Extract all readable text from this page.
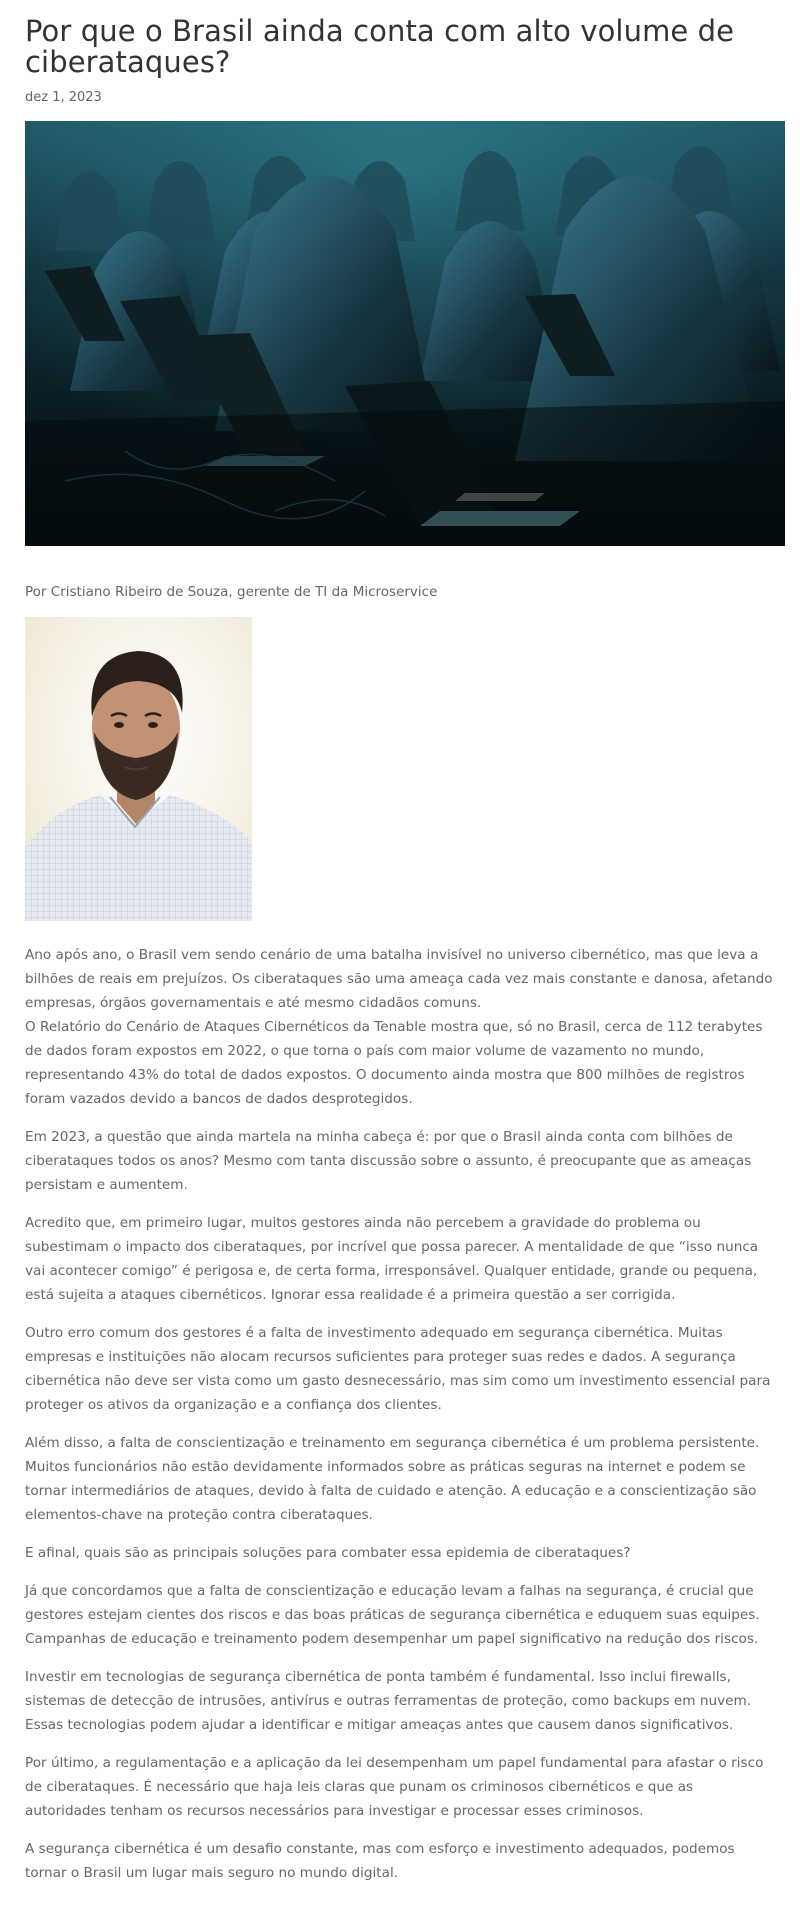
Por que o Brasil ainda conta com alto volume de ciberataques?
dez 1, 2023
Por Cristiano Ribeiro de Souza, gerente de TI da Microservice

Ano após ano, o Brasil vem sendo cenário de uma batalha invisível no universo cibernético, mas que leva a bilhões de reais em prejuízos. Os ciberataques são uma ameaça cada vez mais constante e danosa, afetando empresas, órgãos governamentais e até mesmo cidadãos comuns.

O Relatório do Cenário de Ataques Cibernéticos da Tenable mostra que, só no Brasil, cerca de 112 terabytes de dados foram expostos em 2022, o que torna o país com maior volume de vazamento no mundo, representando 43% do total de dados expostos. O documento ainda mostra que 800 milhões de registros foram vazados devido a bancos de dados desprotegidos.

Em 2023, a questão que ainda martela na minha cabeça é: por que o Brasil ainda conta com bilhões de ciberataques todos os anos? Mesmo com tanta discussão sobre o assunto, é preocupante que as ameaças persistam e aumentem.

Acredito que, em primeiro lugar, muitos gestores ainda não percebem a gravidade do problema ou subestimam o impacto dos ciberataques, por incrível que possa parecer. A mentalidade de que “isso nunca vai acontecer comigo” é perigosa e, de certa forma, irresponsável. Qualquer entidade, grande ou pequena, está sujeita a ataques cibernéticos. Ignorar essa realidade é a primeira questão a ser corrigida.

Outro erro comum dos gestores é a falta de investimento adequado em segurança cibernética. Muitas empresas e instituições não alocam recursos suficientes para proteger suas redes e dados. A segurança cibernética não deve ser vista como um gasto desnecessário, mas sim como um investimento essencial para proteger os ativos da organização e a confiança dos clientes.

Além disso, a falta de conscientização e treinamento em segurança cibernética é um problema persistente. Muitos funcionários não estão devidamente informados sobre as práticas seguras na internet e podem se tornar intermediários de ataques, devido à falta de cuidado e atenção. A educação e a conscientização são elementos-chave na proteção contra ciberataques.

E afinal, quais são as principais soluções para combater essa epidemia de ciberataques?

Já que concordamos que a falta de conscientização e educação levam a falhas na segurança, é crucial que gestores estejam cientes dos riscos e das boas práticas de segurança cibernética e eduquem suas equipes. Campanhas de educação e treinamento podem desempenhar um papel significativo na redução dos riscos.

Investir em tecnologias de segurança cibernética de ponta também é fundamental. Isso inclui firewalls, sistemas de detecção de intrusões, antivírus e outras ferramentas de proteção, como backups em nuvem. Essas tecnologias podem ajudar a identificar e mitigar ameaças antes que causem danos significativos.

Por último, a regulamentação e a aplicação da lei desempenham um papel fundamental para afastar o risco de ciberataques. É necessário que haja leis claras que punam os criminosos cibernéticos e que as autoridades tenham os recursos necessários para investigar e processar esses criminosos.

A segurança cibernética é um desafio constante, mas com esforço e investimento adequados, podemos tornar o Brasil um lugar mais seguro no mundo digital.
